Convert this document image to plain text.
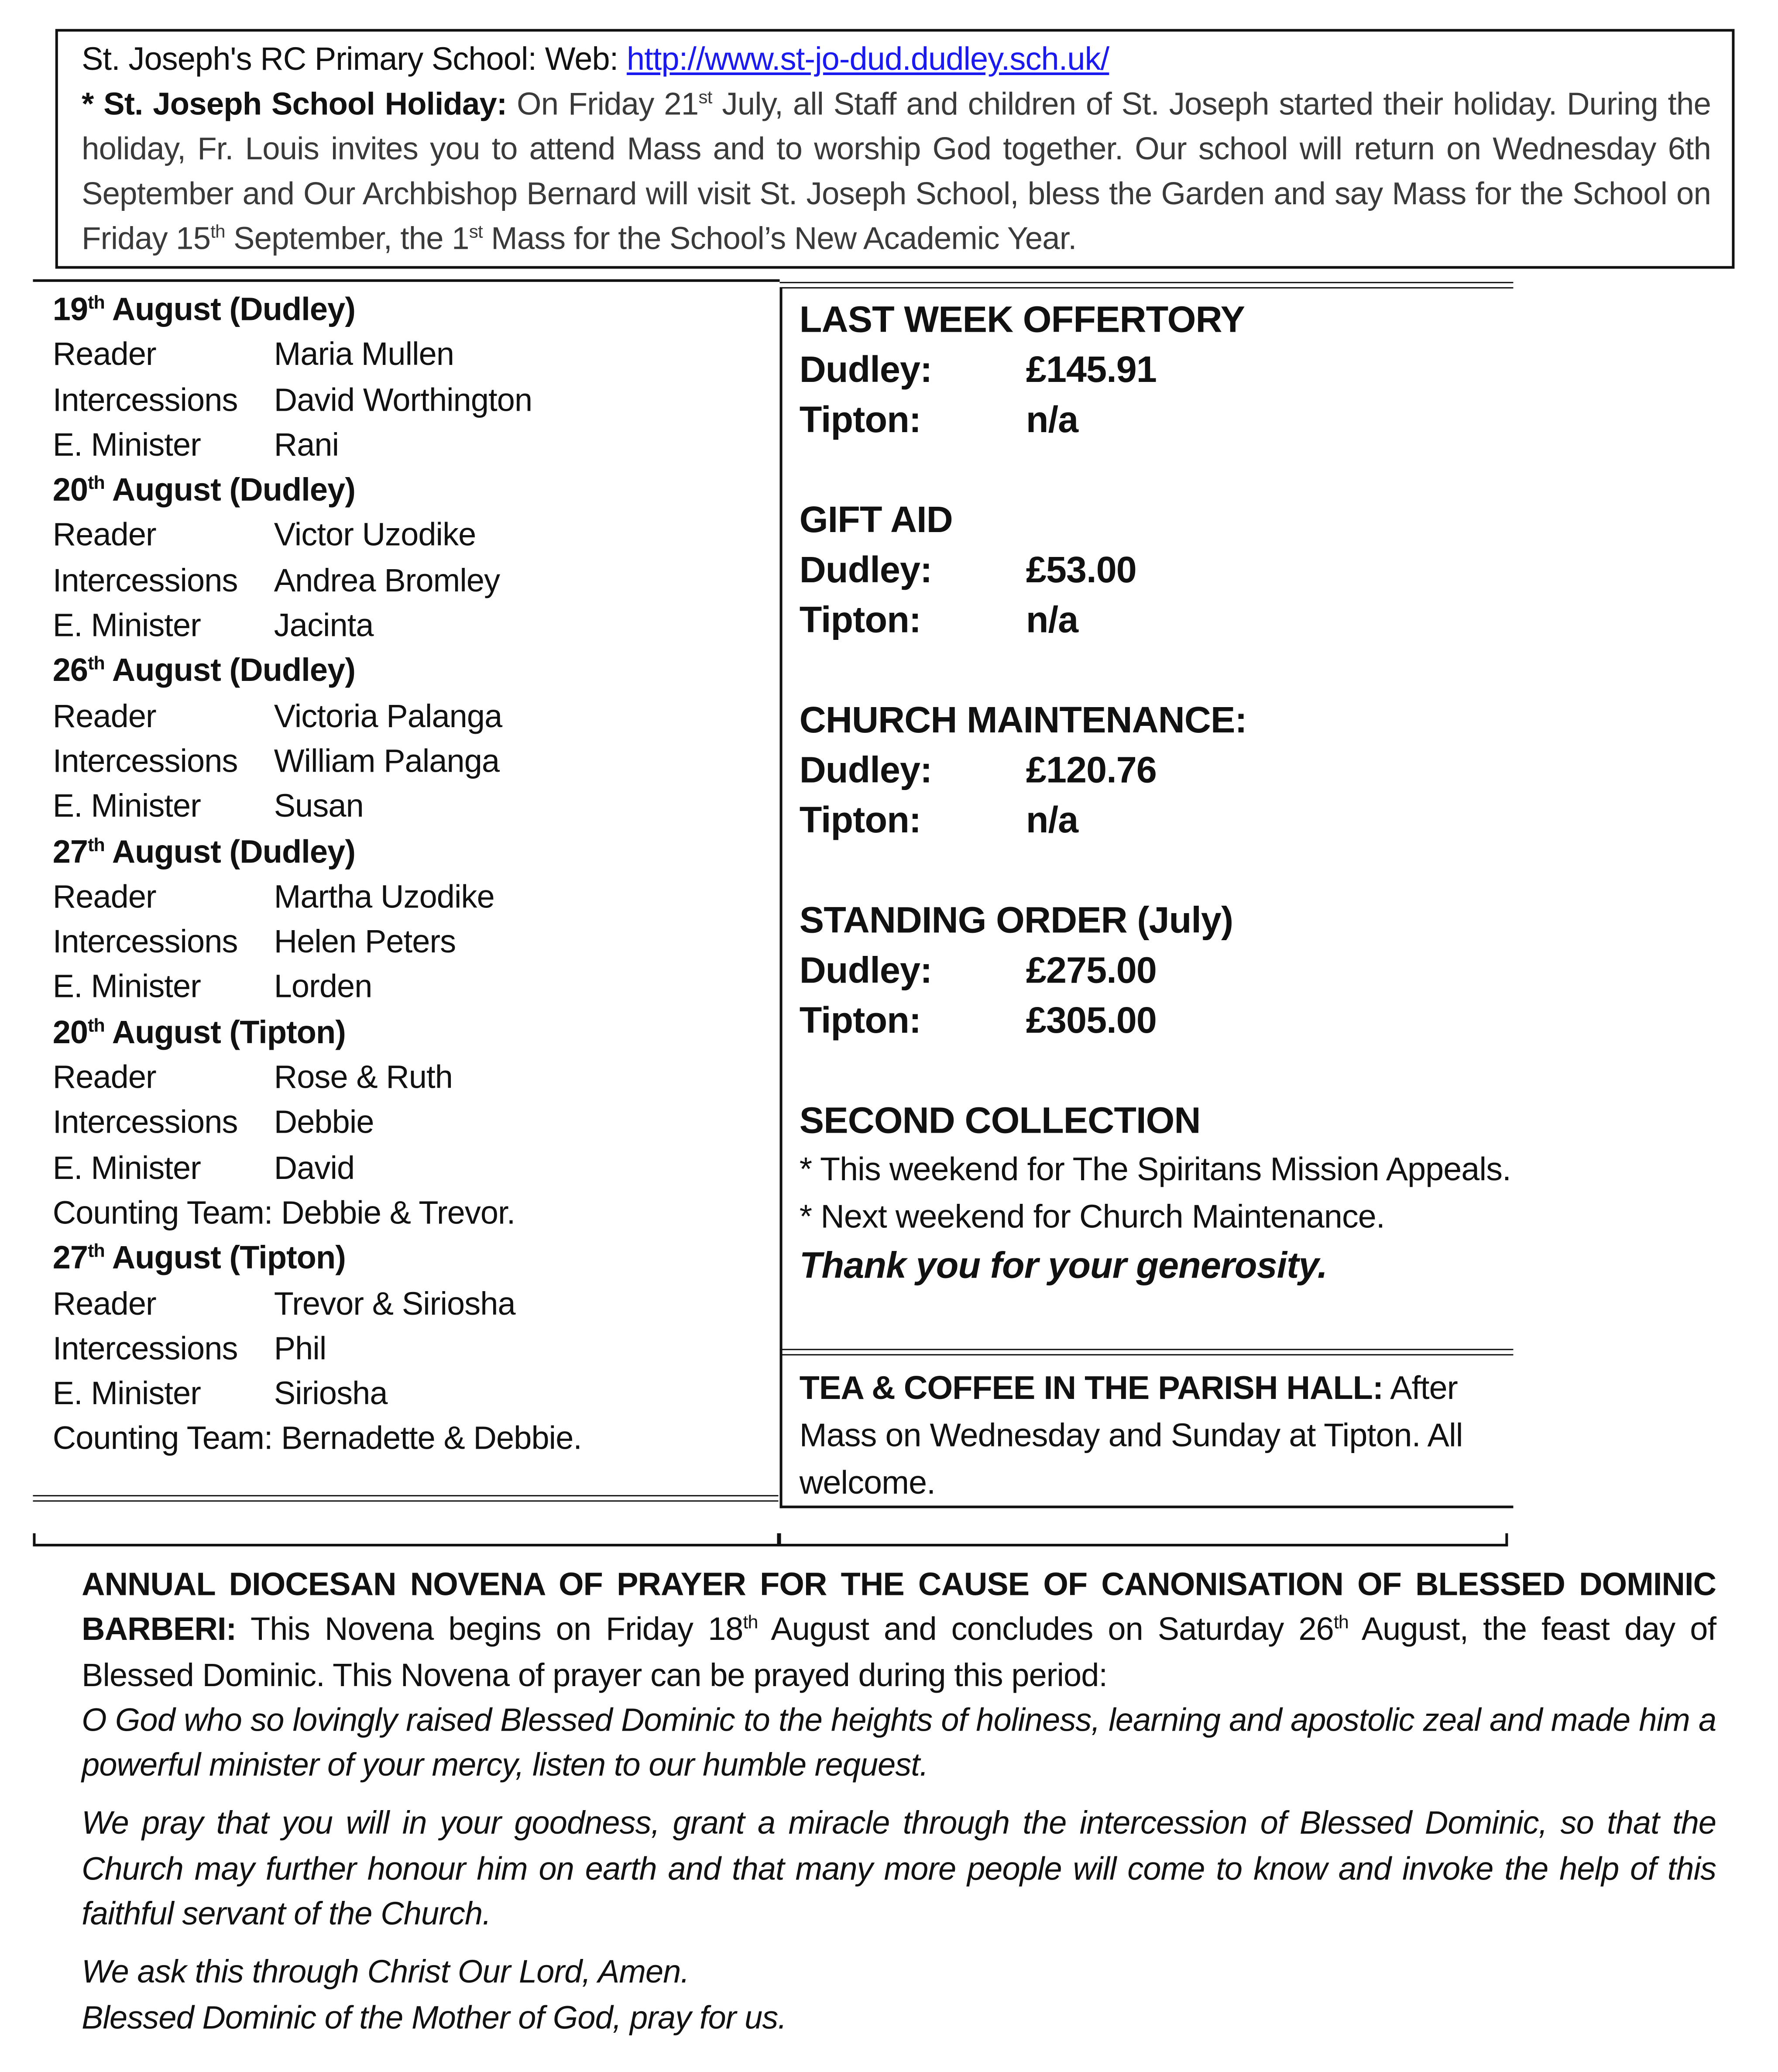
St. Joseph's RC Primary School: Web: http://www.st-jo-dud.dudley.sch.uk/
* St. Joseph School Holiday: On Friday 21st July, all Staff and children of St. Joseph started their holiday. During the holiday, Fr. Louis invites you to attend Mass and to worship God together. Our school will return on Wednesday 6th September and Our Archbishop Bernard will visit St. Joseph School, bless the Garden and say Mass for the School on Friday 15th September, the 1st Mass for the School’s New Academic Year.
19th August (Dudley)
Reader	Maria Mullen
Intercessions	David Worthington
E. Minister	Rani
20th August (Dudley)
Reader	Victor Uzodike
Intercessions	Andrea Bromley
E. Minister	Jacinta
26th August (Dudley)
Reader	Victoria Palanga
Intercessions	William Palanga
E. Minister	Susan
27th August (Dudley)
Reader	Martha Uzodike
Intercessions	Helen Peters
E. Minister	Lorden
20th August (Tipton)
Reader	Rose & Ruth
Intercessions	Debbie
E. Minister	David
Counting Team: Debbie & Trevor.
27th August (Tipton)
Reader	Trevor & Siriosha
Intercessions	Phil
E. Minister	Siriosha
Counting Team: Bernadette & Debbie.
LAST WEEK OFFERTORY
Dudley:	£145.91
Tipton:	n/a
GIFT AID
Dudley:	£53.00
Tipton:	n/a
CHURCH MAINTENANCE:
Dudley:	£120.76
Tipton:	n/a
STANDING ORDER (July)
Dudley:	£275.00
Tipton:	£305.00
SECOND COLLECTION
* This weekend for The Spiritans Mission Appeals.
* Next weekend for Church Maintenance.
Thank you for your generosity.
TEA & COFFEE IN THE PARISH HALL: After Mass on Wednesday and Sunday at Tipton. All welcome.

ANNUAL DIOCESAN NOVENA OF PRAYER FOR THE CAUSE OF CANONISATION OF BLESSED DOMINIC BARBERI: This Novena begins on Friday 18th August and concludes on Saturday 26th August, the feast day of Blessed Dominic. This Novena of prayer can be prayed during this period:

O God who so lovingly raised Blessed Dominic to the heights of holiness, learning and apostolic zeal and made him a powerful minister of your mercy, listen to our humble request.

We pray that you will in your goodness, grant a miracle through the intercession of Blessed Dominic, so that the Church may further honour him on earth and that many more people will come to know and invoke the help of this faithful servant of the Church.

We ask this through Christ Our Lord, Amen.

Blessed Dominic of the Mother of God, pray for us.
